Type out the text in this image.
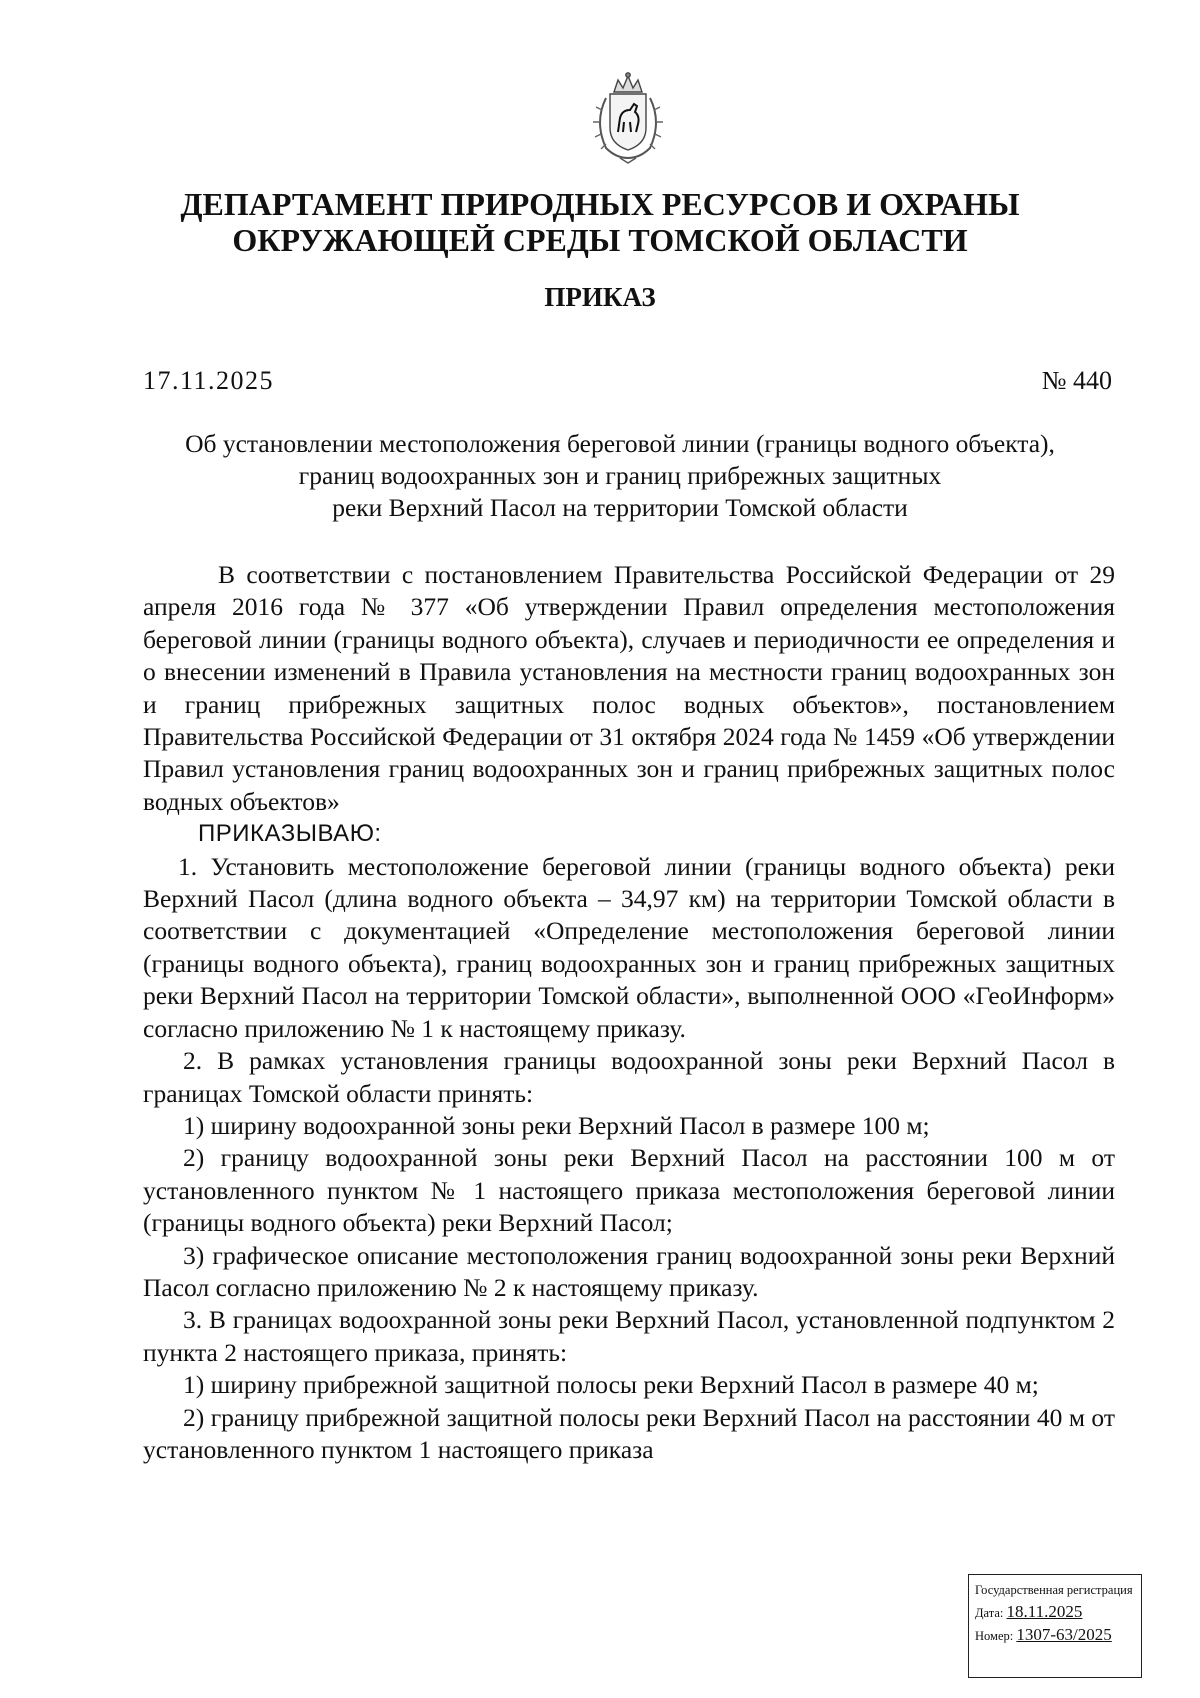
ДЕПАРТАМЕНТ ПРИРОДНЫХ РЕСУРСОВ И ОХРАНЫ
ОКРУЖАЮЩЕЙ СРЕДЫ ТОМСКОЙ ОБЛАСТИ
ПРИКАЗ
17.11.2025	№ 440
Об установлении местоположения береговой линии (границы водного объекта),
границ водоохранных зон и границ прибрежных защитных
реки Верхний Пасол на территории Томской области

В соответствии с постановлением Правительства Российской Федерации от 29 апреля 2016 года № 377 «Об утверждении Правил определения местоположения береговой линии (границы водного объекта), случаев и периодичности ее определения и о внесении изменений в Правила установления на местности границ водоохранных зон и границ прибрежных защитных полос водных объектов», постановлением Правительства Российской Федерации от 31 октября 2024 года № 1459 «Об утверждении Правил установления границ водоохранных зон и границ прибрежных защитных полос водных объектов»

ПРИКАЗЫВАЮ:

1. Установить местоположение береговой линии (границы водного объекта) реки Верхний Пасол (длина водного объекта – 34,97 км) на территории Томской области в соответствии с документацией «Определение местоположения береговой линии (границы водного объекта), границ водоохранных зон и границ прибрежных защитных реки Верхний Пасол на территории Томской области», выполненной ООО «ГеоИнформ» согласно приложению № 1 к настоящему приказу.

2. В рамках установления границы водоохранной зоны реки Верхний Пасол в границах Томской области принять:

1) ширину водоохранной зоны реки Верхний Пасол в размере 100 м;

2) границу водоохранной зоны реки Верхний Пасол на расстоянии 100 м от установленного пунктом № 1 настоящего приказа местоположения береговой линии (границы водного объекта) реки Верхний Пасол;

3) графическое описание местоположения границ водоохранной зоны реки Верхний Пасол согласно приложению № 2 к настоящему приказу.

3. В границах водоохранной зоны реки Верхний Пасол, установленной подпунктом 2 пункта 2 настоящего приказа, принять:

1) ширину прибрежной защитной полосы реки Верхний Пасол в размере 40 м;

2) границу прибрежной защитной полосы реки Верхний Пасол на расстоянии 40 м от установленного пунктом 1 настоящего приказа

Государственная регистрация
Дата: 18.11.2025
Номер: 1307-63/2025
